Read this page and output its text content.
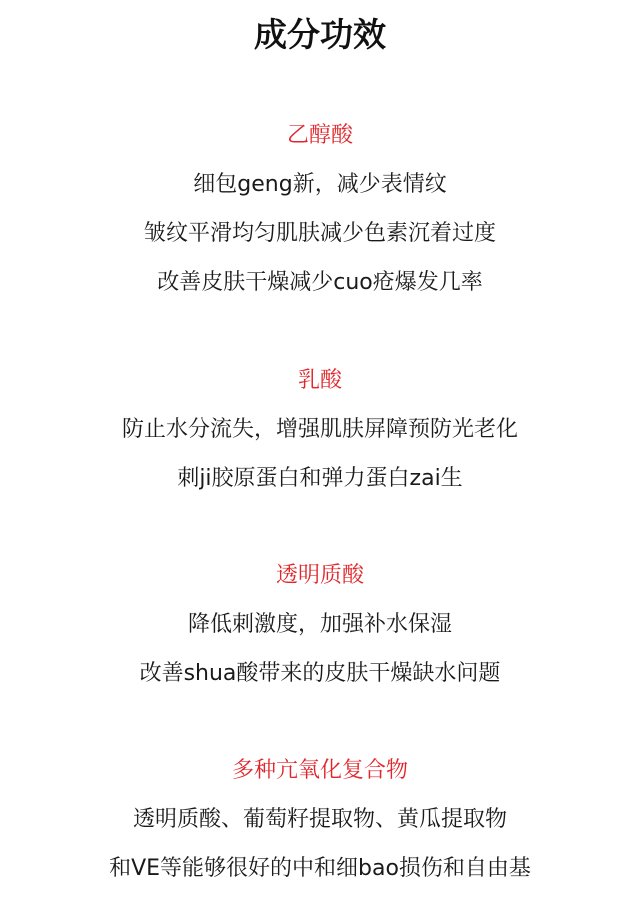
成分功效
乙醇酸
细包geng新，减少表情纹
皱纹平滑均匀肌肤减少色素沉着过度
改善皮肤干燥减少cuo疮爆发几率
乳酸
防止水分流失，增强肌肤屏障预防光老化
刺ji胶原蛋白和弹力蛋白zai生
透明质酸
降低刺激度，加强补水保湿
改善shua酸带来的皮肤干燥缺水问题
多种亢氧化复合物
透明质酸、葡萄籽提取物、黄瓜提取物
和VE等能够很好的中和细bao损伤和自由基
